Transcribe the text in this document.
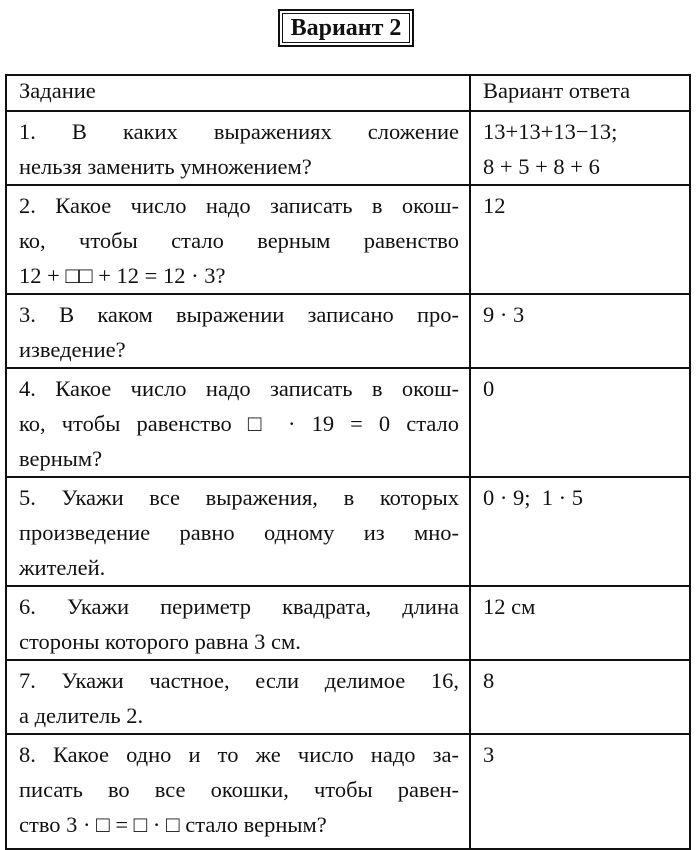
Вариант 2
Задание	Вариант ответа

1. В каких выражениях сложение
нельзя заменить умножением?	13+13+13−13;
8 + 5 + 8 + 6

2. Какое число надо записать в окош-
ко, чтобы стало верным равенство
12 + □□ + 12 = 12 · 3?	12

3. В каком выражении записано про-
изведение?	9 · 3

4. Какое число надо записать в окош-
ко, чтобы равенство □ · 19 = 0 стало
верным?	0

5. Укажи все выражения, в которых
произведение равно одному из мно-
жителей.	0 · 9;  1 · 5

6. Укажи периметр квадрата, длина
стороны которого равна 3 см.	12 см

7. Укажи частное, если делимое 16,
а делитель 2.	8

8. Какое одно и то же число надо за-
писать во все окошки, чтобы равен-
ство 3 · □ = □ · □ стало верным?	3
